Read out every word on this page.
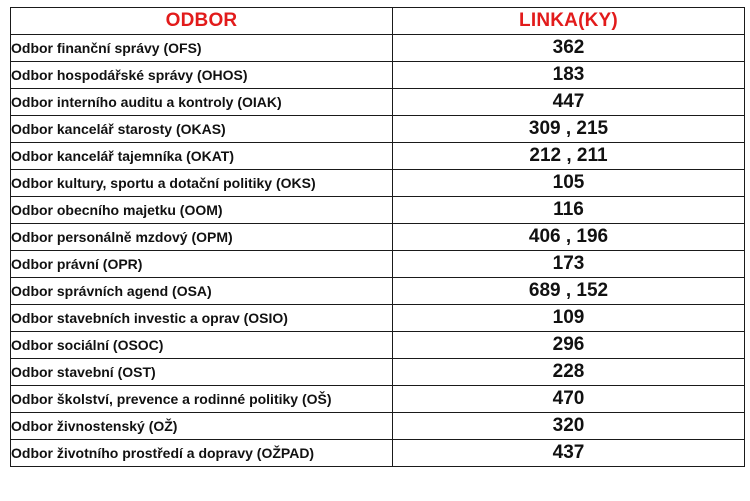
ODBOR	LINKA(KY)
Odbor finanční správy (OFS)	362
Odbor hospodářské správy (OHOS)	183
Odbor interního auditu a kontroly (OIAK)	447
Odbor kancelář starosty (OKAS)	309 , 215
Odbor kancelář tajemníka (OKAT)	212 , 211
Odbor kultury, sportu a dotační politiky (OKS)	105
Odbor obecního majetku (OOM)	116
Odbor personálně mzdový (OPM)	406 , 196
Odbor právní (OPR)	173
Odbor správních agend (OSA)	689 , 152
Odbor stavebních investic a oprav (OSIO)	109
Odbor sociální (OSOC)	296
Odbor stavební (OST)	228
Odbor školství, prevence a rodinné politiky (OŠ)	470
Odbor živnostenský (OŽ)	320
Odbor životního prostředí a dopravy (OŽPAD)	437
